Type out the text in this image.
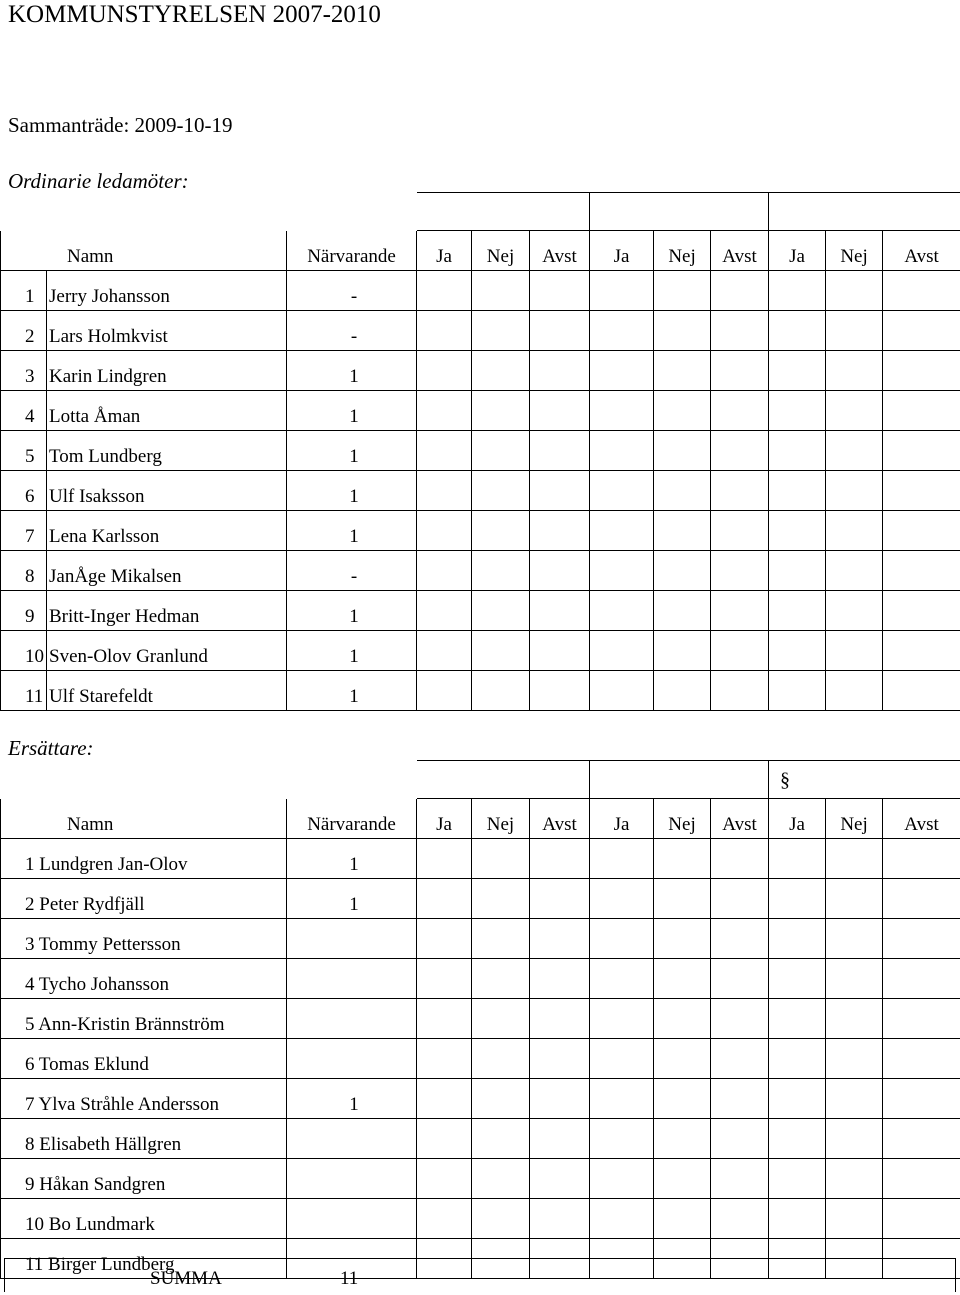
KOMMUNSTYRELSEN 2007-2010
Sammanträde: 2009-10-19
Ordinarie ledamöter:

Namn		Närvarande	Ja	Nej	Avst	Ja	Nej	Avst	Ja	Nej	Avst
1	Jerry Johansson	-									
2	Lars Holmkvist	-									
3	Karin Lindgren	1									
4	Lotta Åman	1									
5	Tom Lundberg	1									
6	Ulf Isaksson	1									
7	Lena Karlsson	1									
8	JanÅge Mikalsen	-									
9	Britt-Inger Hedman	1									
10	Sven-Olov Granlund	1									
11	Ulf Starefeldt	1									
Ersättare:
§

Namn	Närvarande	Ja	Nej	Avst	Ja	Nej	Avst	Ja	Nej	Avst
1 Lundgren Jan-Olov	1									
2 Peter Rydfjäll	1									
3 Tommy Pettersson										
4 Tycho Johansson										
5 Ann-Kristin Brännström										
6 Tomas Eklund										
7 Ylva Stråhle Andersson	1									
8 Elisabeth Hällgren										
9 Håkan Sandgren										
10 Bo Lundmark										
11 Birger Lundberg										
SUMMA	11
